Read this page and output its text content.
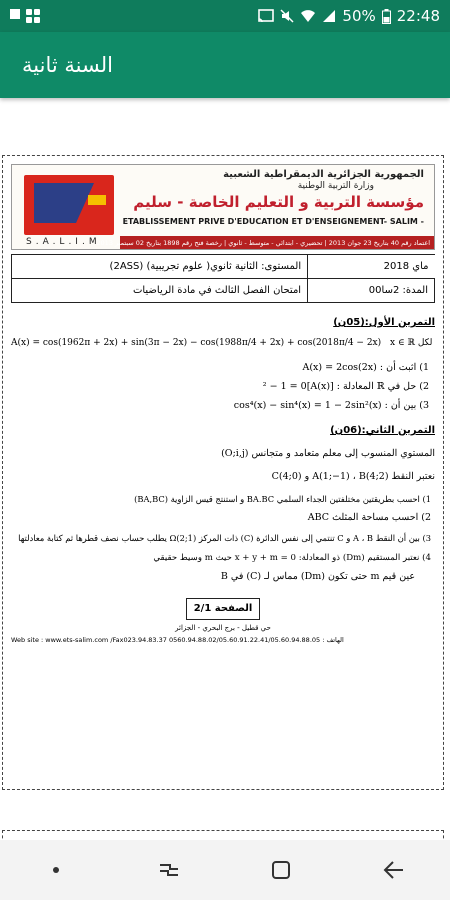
50% 22:48
السنة ثانية
S.A.L.I.M
الجمهورية الجزائرية الديمقراطية الشعبية
وزارة التربية الوطنية
مؤسسة التربية و التعليم الخاصة - سليم
ETABLISSEMENT PRIVE D'EDUCATION ET D'ENSEIGNEMENT- SALIM -
اعتماد رقم 40 بتاريخ 23 جوان 2013 | تحضيري - ابتدائي - متوسط - ثانوي | رخصة فتح رقم 1898 بتاريخ 02 سبتمبر 2013
المستوى: الثانية ثانوي( علوم تجريبية) (2ASS)	ماي 2018
امتحان الفصل الثالث في مادة الرياضيات	المدة: 2سا00
التمرين الأول:(05ن)
A(x) = cos(1962π + 2x) + sin(3π − 2x) − cos(1988π/4 + 2x) + cos(2018π/4 − 2x) x ∈ ℝ لكل
1) اثبت أن : A(x) = 2cos(2x)
2) حل في ℝ المعادلة : [A(x)]² − 1 = 0
3) بين أن : cos⁴(x) − sin⁴(x) = 1 − 2sin²(x)
التمرين الثاني:(06ن)
المستوي المنسوب إلى معلم متعامد و متجانس (O;i,j)
نعتبر النقط A(1;−1) ، B(4;2) و C(4;0)
1) احسب بطريقتين مختلفتين الجداء السلمي BA.BC و استنتج قيس الزاوية (BA,BC)
2) احسب مساحة المثلث ABC
3) بين أن النقط A ، B و C تنتمي إلى نفس الدائرة (C) ذات المركز Ω(2;1) يطلب حساب نصف قطرها ثم كتابة معادلتها
4) نعتبر المستقيم (Dm) ذو المعادلة: x + y + m = 0 حيث m وسيط حقيقي
عين قيم m حتى تكون (Dm) مماس لـ (C) في B
الصفحة 2/1
حي قطيل - برج البحري - الجزائر
Web site : www.ets-salim.com /Fax023.94.83.37 الهاتف : 0560.94.88.02/05.60.91.22.41/05.60.94.88.05
